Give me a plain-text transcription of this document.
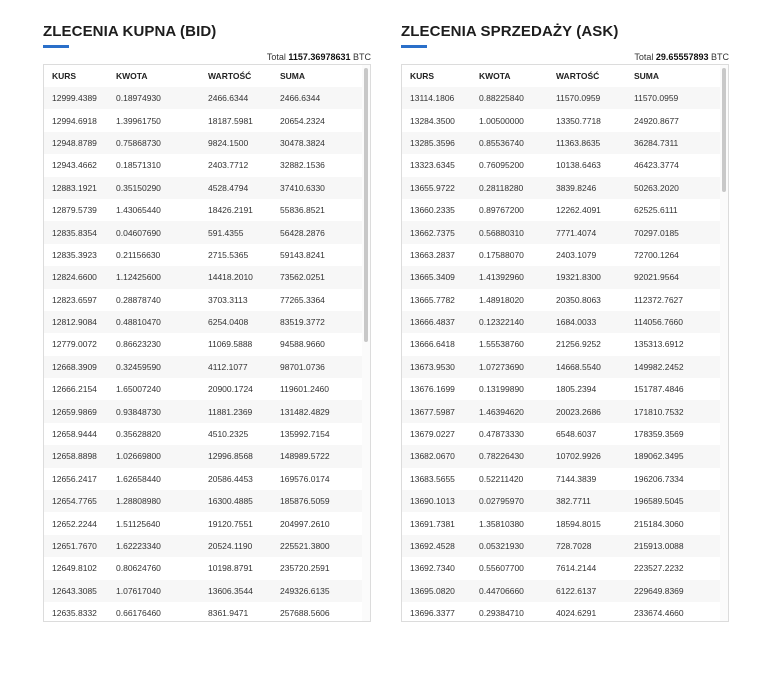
ZLECENIA KUPNA (BID)
Total 1157.36978631 BTC
KURS	KWOTA	WARTOŚĆ	SUMA
12999.4389	0.18974930	2466.6344	2466.6344
12994.6918	1.39961750	18187.5981	20654.2324
12948.8789	0.75868730	9824.1500	30478.3824
12943.4662	0.18571310	2403.7712	32882.1536
12883.1921	0.35150290	4528.4794	37410.6330
12879.5739	1.43065440	18426.2191	55836.8521
12835.8354	0.04607690	591.4355	56428.2876
12835.3923	0.21156630	2715.5365	59143.8241
12824.6600	1.12425600	14418.2010	73562.0251
12823.6597	0.28878740	3703.3113	77265.3364
12812.9084	0.48810470	6254.0408	83519.3772
12779.0072	0.86623230	11069.5888	94588.9660
12668.3909	0.32459590	4112.1077	98701.0736
12666.2154	1.65007240	20900.1724	119601.2460
12659.9869	0.93848730	11881.2369	131482.4829
12658.9444	0.35628820	4510.2325	135992.7154
12658.8898	1.02669800	12996.8568	148989.5722
12656.2417	1.62658440	20586.4453	169576.0174
12654.7765	1.28808980	16300.4885	185876.5059
12652.2244	1.51125640	19120.7551	204997.2610
12651.7670	1.62223340	20524.1190	225521.3800
12649.8102	0.80624760	10198.8791	235720.2591
12643.3085	1.07617040	13606.3544	249326.6135
12635.8332	0.66176460	8361.9471	257688.5606
ZLECENIA SPRZEDAŻY (ASK)
Total 29.65557893 BTC
KURS	KWOTA	WARTOŚĆ	SUMA
13114.1806	0.88225840	11570.0959	11570.0959
13284.3500	1.00500000	13350.7718	24920.8677
13285.3596	0.85536740	11363.8635	36284.7311
13323.6345	0.76095200	10138.6463	46423.3774
13655.9722	0.28118280	3839.8246	50263.2020
13660.2335	0.89767200	12262.4091	62525.6111
13662.7375	0.56880310	7771.4074	70297.0185
13663.2837	0.17588070	2403.1079	72700.1264
13665.3409	1.41392960	19321.8300	92021.9564
13665.7782	1.48918020	20350.8063	112372.7627
13666.4837	0.12322140	1684.0033	114056.7660
13666.6418	1.55538760	21256.9252	135313.6912
13673.9530	1.07273690	14668.5540	149982.2452
13676.1699	0.13199890	1805.2394	151787.4846
13677.5987	1.46394620	20023.2686	171810.7532
13679.0227	0.47873330	6548.6037	178359.3569
13682.0670	0.78226430	10702.9926	189062.3495
13683.5655	0.52211420	7144.3839	196206.7334
13690.1013	0.02795970	382.7711	196589.5045
13691.7381	1.35810380	18594.8015	215184.3060
13692.4528	0.05321930	728.7028	215913.0088
13692.7340	0.55607700	7614.2144	223527.2232
13695.0820	0.44706660	6122.6137	229649.8369
13696.3377	0.29384710	4024.6291	233674.4660
